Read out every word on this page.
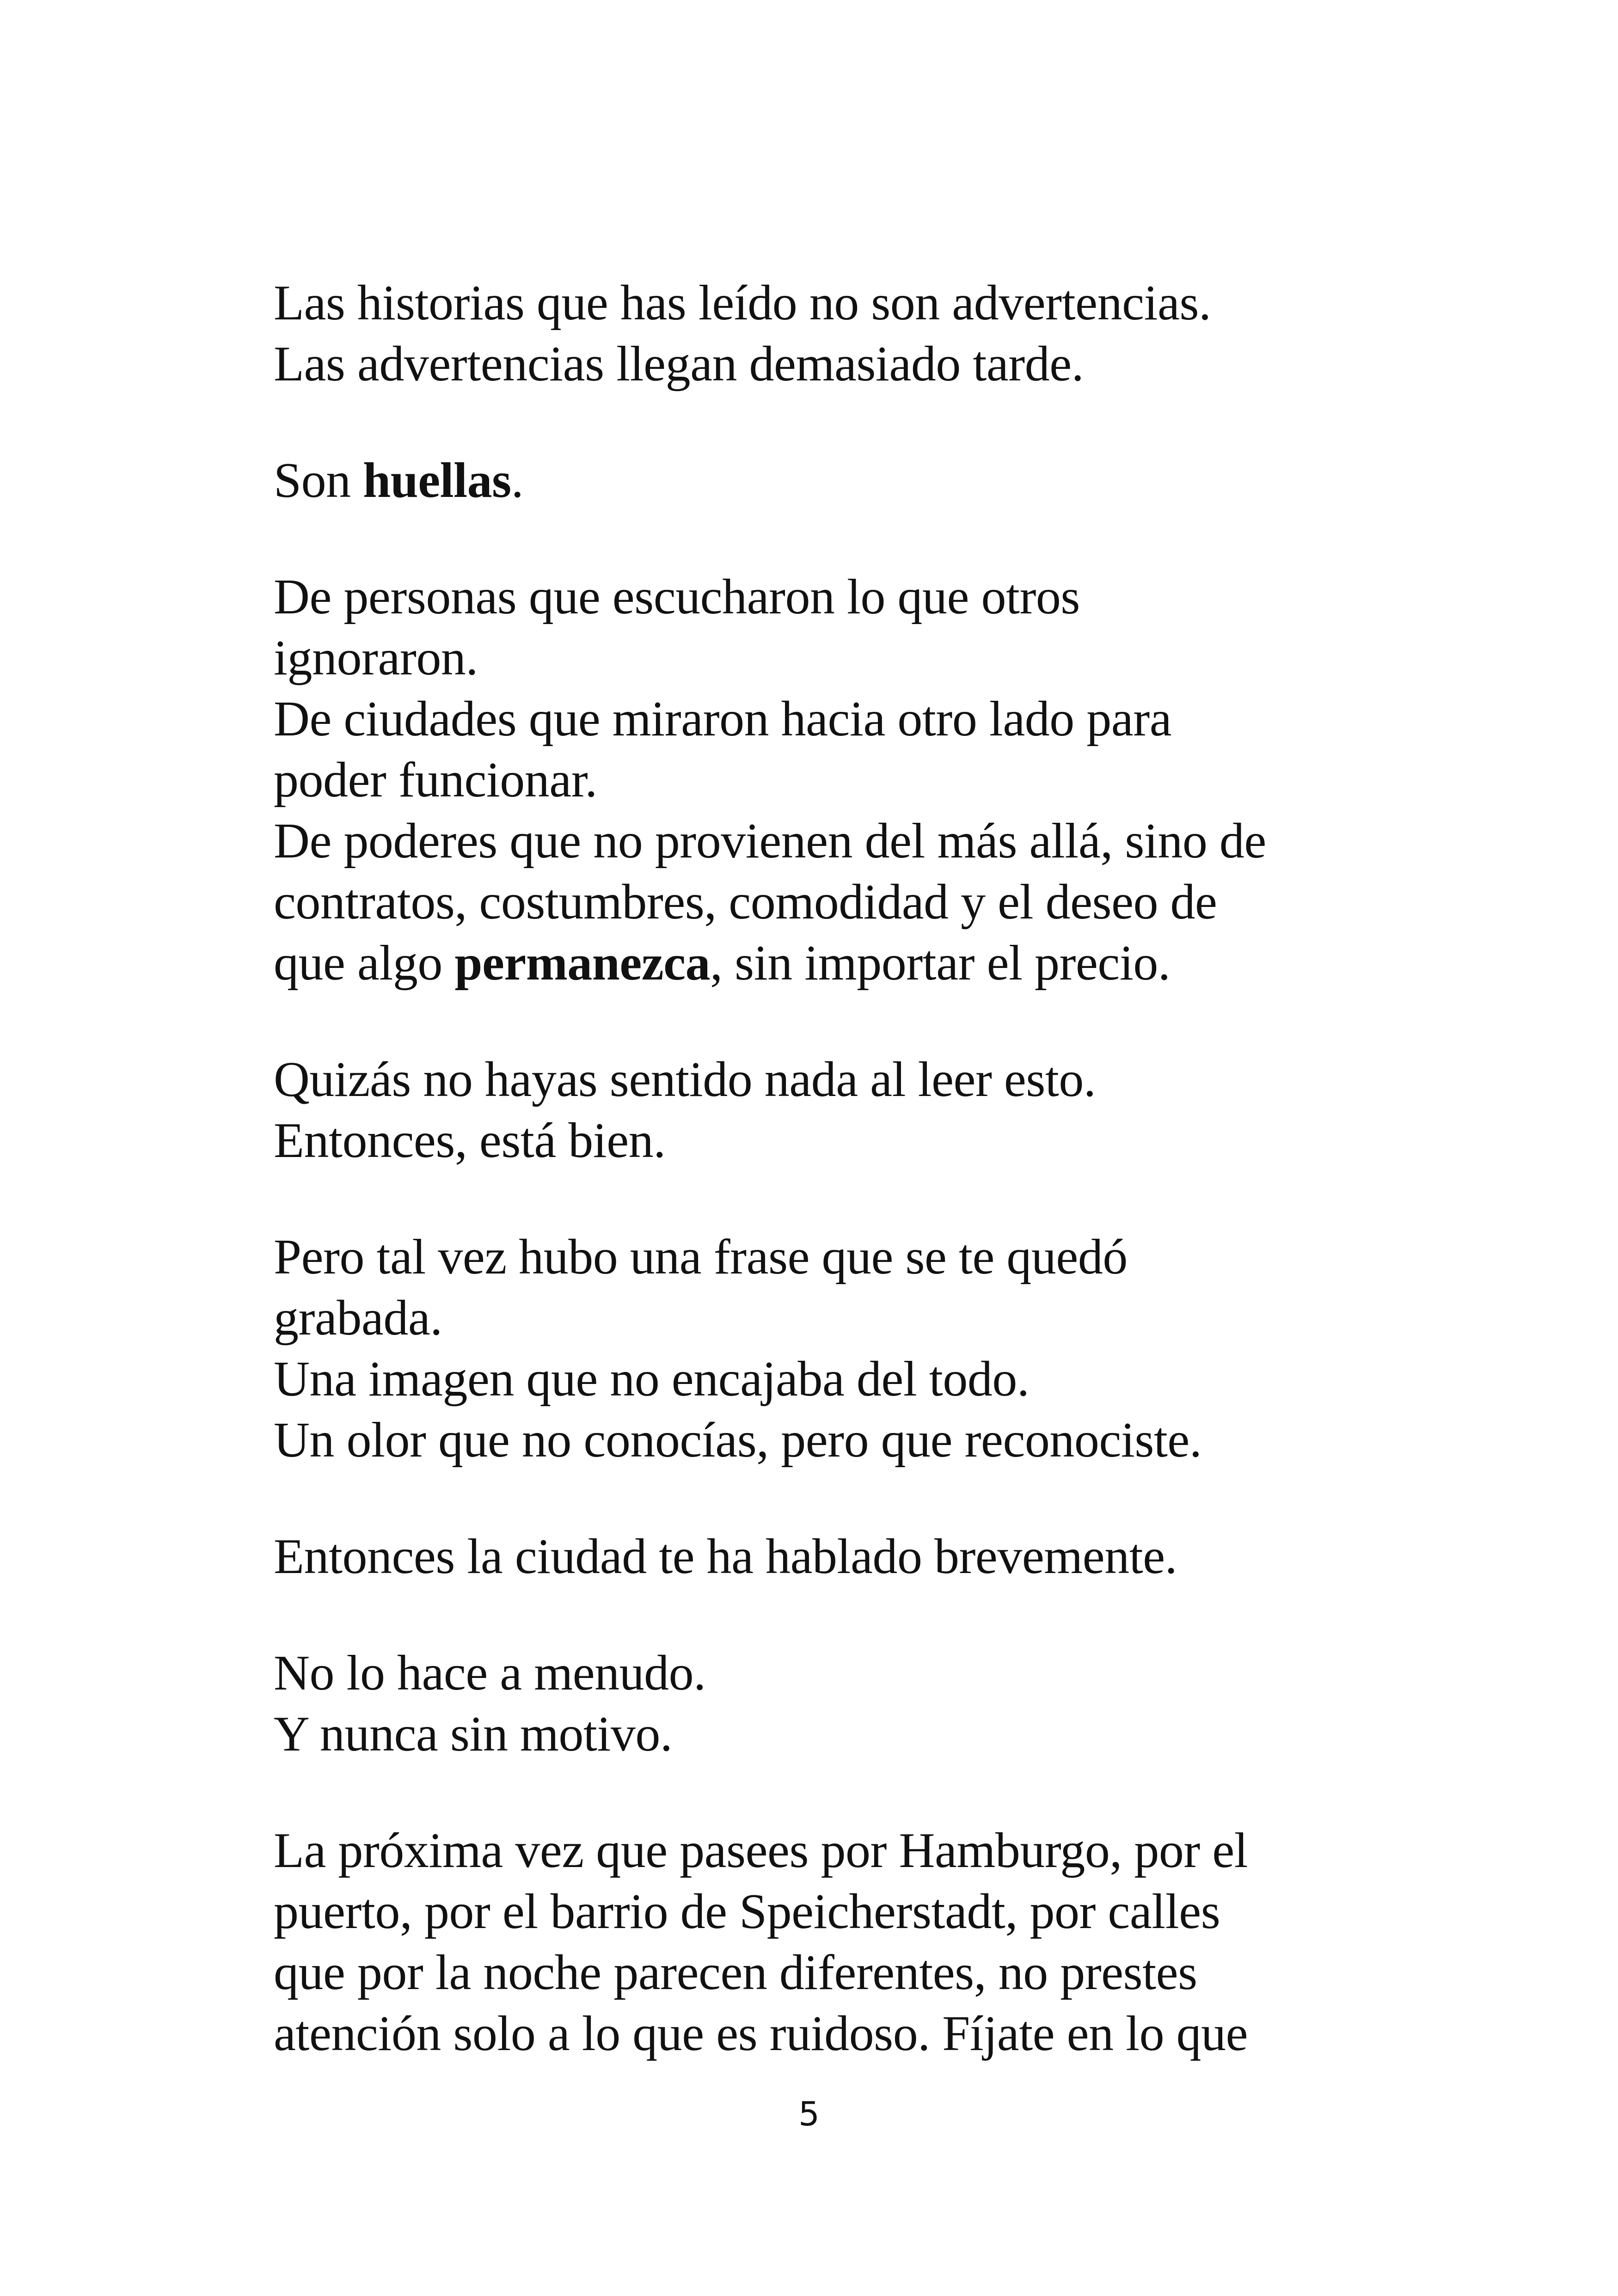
Las historias que has leído no son advertencias.
Las advertencias llegan demasiado tarde.
Son huellas.
De personas que escucharon lo que otros
ignoraron.
De ciudades que miraron hacia otro lado para
poder funcionar.
De poderes que no provienen del más allá, sino de
contratos, costumbres, comodidad y el deseo de
que algo permanezca, sin importar el precio.
Quizás no hayas sentido nada al leer esto.
Entonces, está bien.
Pero tal vez hubo una frase que se te quedó
grabada.
Una imagen que no encajaba del todo.
Un olor que no conocías, pero que reconociste.
Entonces la ciudad te ha hablado brevemente.
No lo hace a menudo.
Y nunca sin motivo.
La próxima vez que pasees por Hamburgo, por el
puerto, por el barrio de Speicherstadt, por calles
que por la noche parecen diferentes, no prestes
atención solo a lo que es ruidoso. Fíjate en lo que
5
